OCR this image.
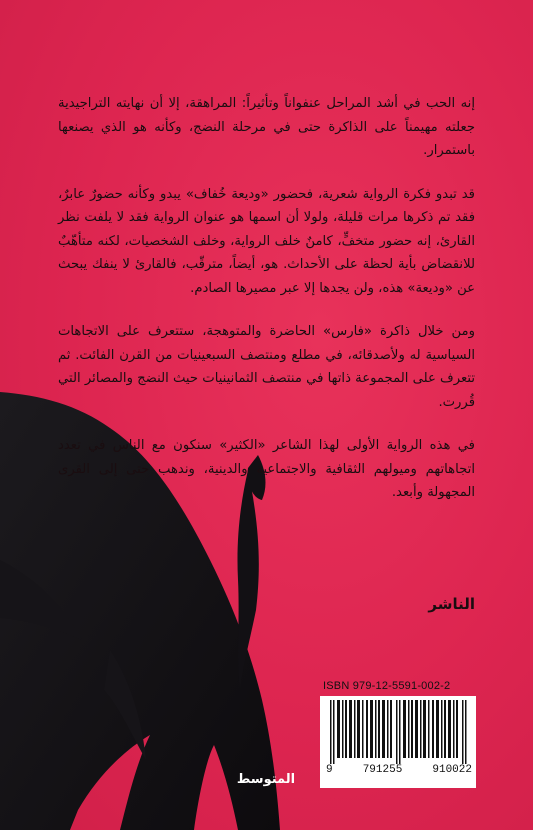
إنه الحب في أشد المراحل عنفواناً وتأثيراً: المراهقة، إلا أن نهايته التراجيدية جعلته مهيمناً على الذاكرة حتى في مرحلة النضج، وكأنه هو الذي يصنعها باستمرار.

قد تبدو فكرة الرواية شعرية، فحضور «وديعة خُفاف» يبدو وكأنه حضورٌ عابرٌ، فقد تم ذكرها مرات قليلة، ولولا أن اسمها هو عنوان الرواية فقد لا يلفت نظر القارئ، إنه حضور متخفٍّ، كامنٌ خلف الرواية، وخلف الشخصيات، لكنه متأهّبٌ للانقضاض بأية لحظة على الأحداث. هو، أيضاً، مترقّب، فالقارئ لا ينفك يبحث عن «وديعة» هذه، ولن يجدها إلا عبر مصيرها الصادم.

ومن خلال ذاكرة «فارس» الحاضرة والمتوهجة، ستتعرف على الاتجاهات السياسية له ولأصدقائه، في مطلع ومنتصف السبعينيات من القرن الفائت. ثم تتعرف على المجموعة ذاتها في منتصف الثمانينيات حيث النضج والمصائر التي قُررت.

في هذه الرواية الأولى لهذا الشاعر «الكثير» سنكون مع الناس في تعدد اتجاهاتهم وميولهم الثقافية والاجتماعية والدينية، وندهب حتى إلى القرى المجهولة وأبعد.

الناشر
ISBN 979-12-5591-002-2
9	791255	910022
المتوسط
